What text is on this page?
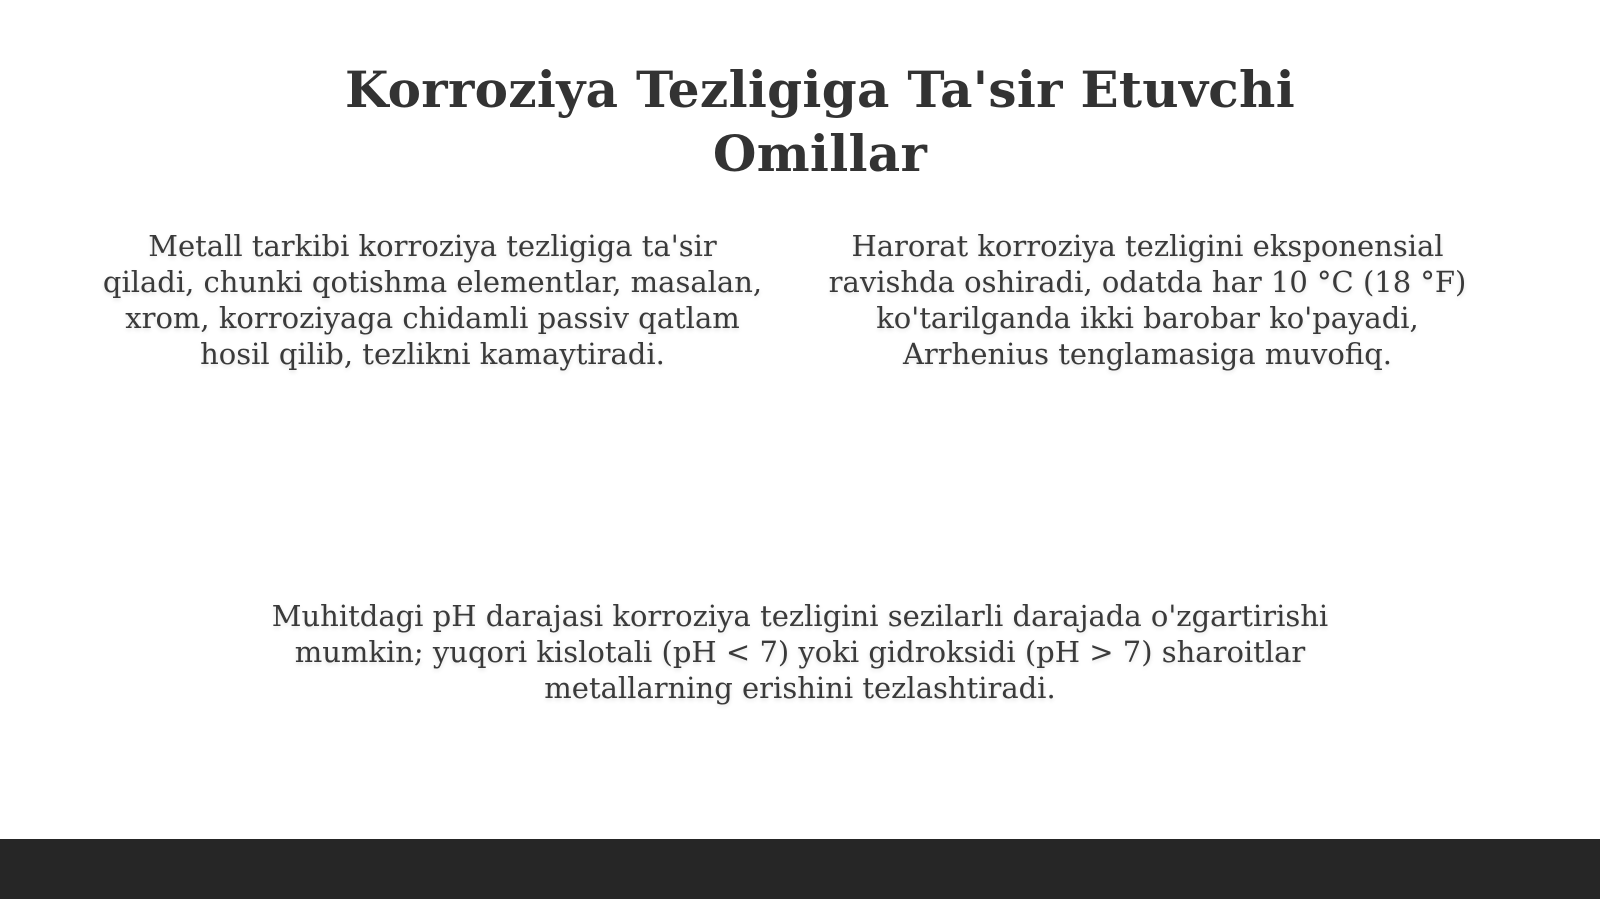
Korroziya Tezligiga Ta'sir Etuvchi Omillar

Metall tarkibi korroziya tezligiga ta'sir qiladi, chunki qotishma elementlar, masalan, xrom, korroziyaga chidamli passiv qatlam hosil qilib, tezlikni kamaytiradi.

Harorat korroziya tezligini eksponensial ravishda oshiradi, odatda har 10 °C (18 °F) ko'tarilganda ikki barobar ko'payadi, Arrhenius tenglamasiga muvofiq.

Muhitdagi pH darajasi korroziya tezligini sezilarli darajada o'zgartirishi mumkin; yuqori kislotali (pH < 7) yoki gidroksidi (pH > 7) sharoitlar metallarning erishini tezlashtiradi.
